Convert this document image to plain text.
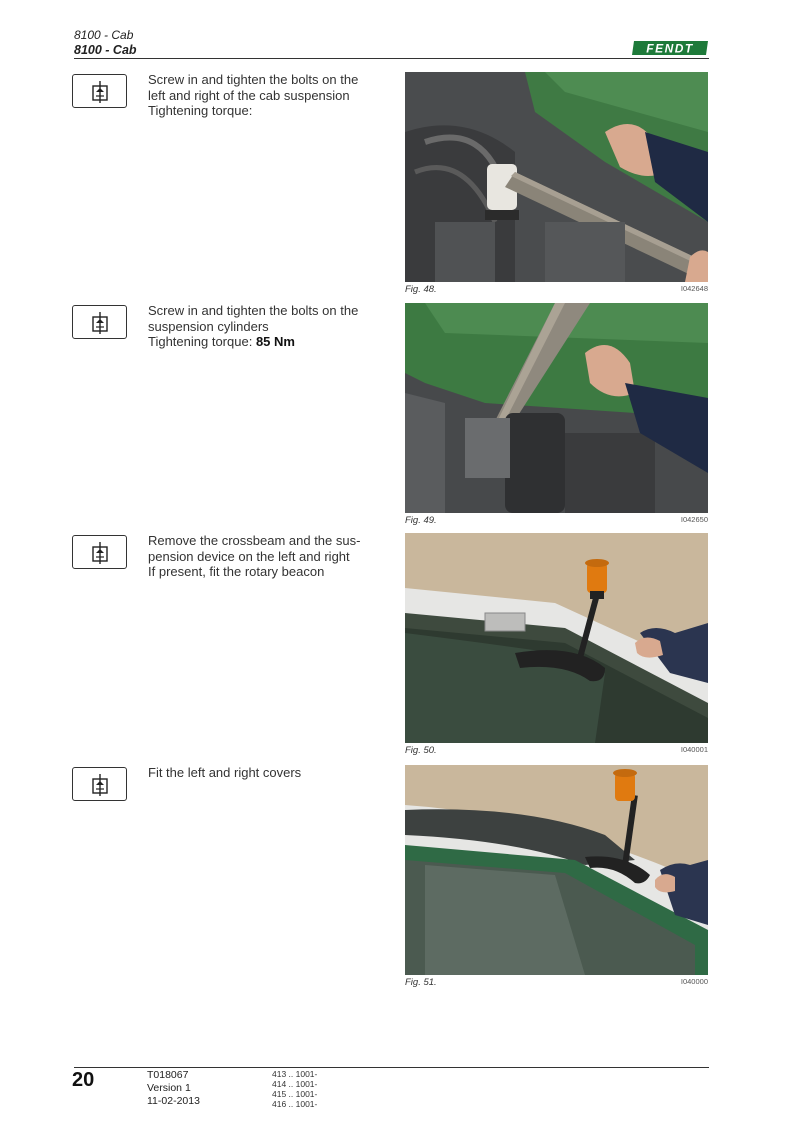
8100 - Cab
8100 - Cab	FENDT
Screw in and tighten the bolts on the
left and right of the cab suspension
Tightening torque:
Screw in and tighten the bolts on the
suspension cylinders
Tightening torque: 85 Nm
Remove the crossbeam and the sus-
pension device on the left and right
If present, fit the rotary beacon
Fit the left and right covers
Fig. 48.	I042648
Fig. 49.	I042650
Fig. 50.	I040001
Fig. 51.	I040000
20	T018067
Version 1
11-02-2013
413 .. 1001-
414 .. 1001-
415 .. 1001-
416 .. 1001-
